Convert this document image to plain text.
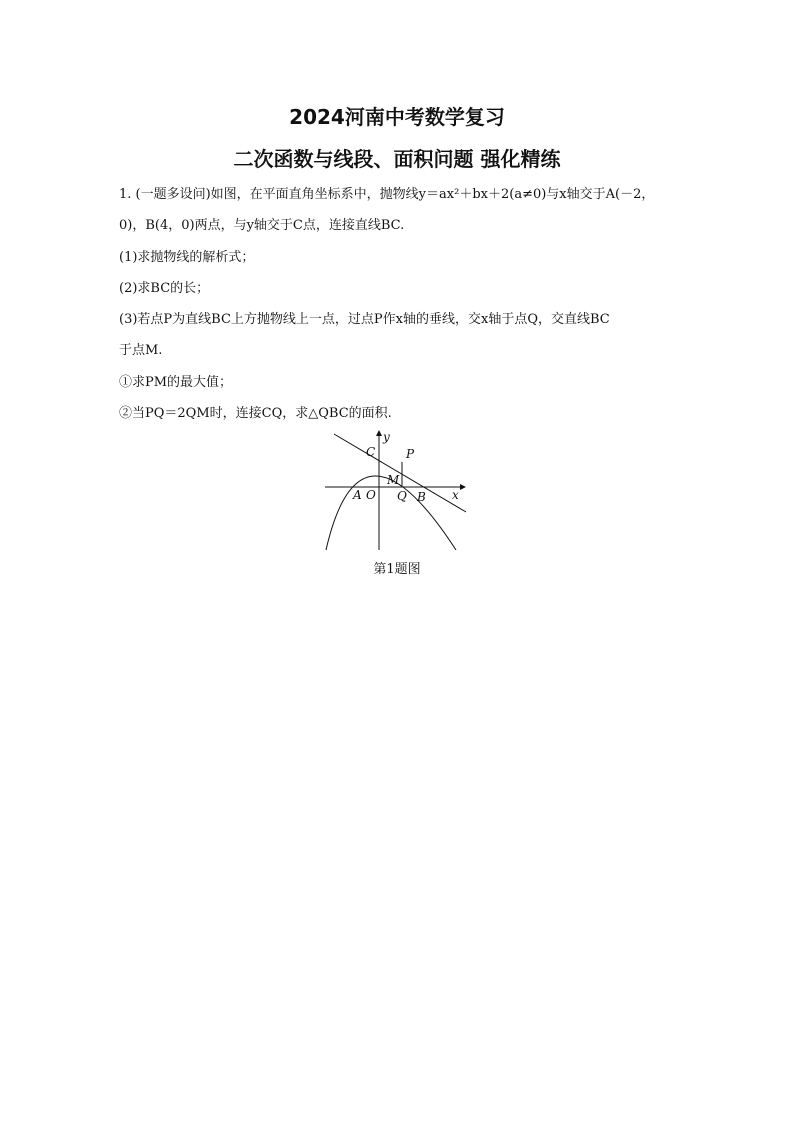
2024河南中考数学复习
二次函数与线段、面积问题 强化精练
1. (一题多设问)如图，在平面直角坐标系中，抛物线y＝ax²＋bx＋2(a≠0)与x轴交于A(－2，
0)，B(4，0)两点，与y轴交于C点，连接直线BC.
(1)求抛物线的解析式；
(2)求BC的长；
(3)若点P为直线BC上方抛物线上一点，过点P作x轴的垂线，交x轴于点Q，交直线BC
于点M.
①求PM的最大值；
②当PQ＝2QM时，连接CQ，求△QBC的面积.
y
x
C	P
M
A O Q B
第1题图
